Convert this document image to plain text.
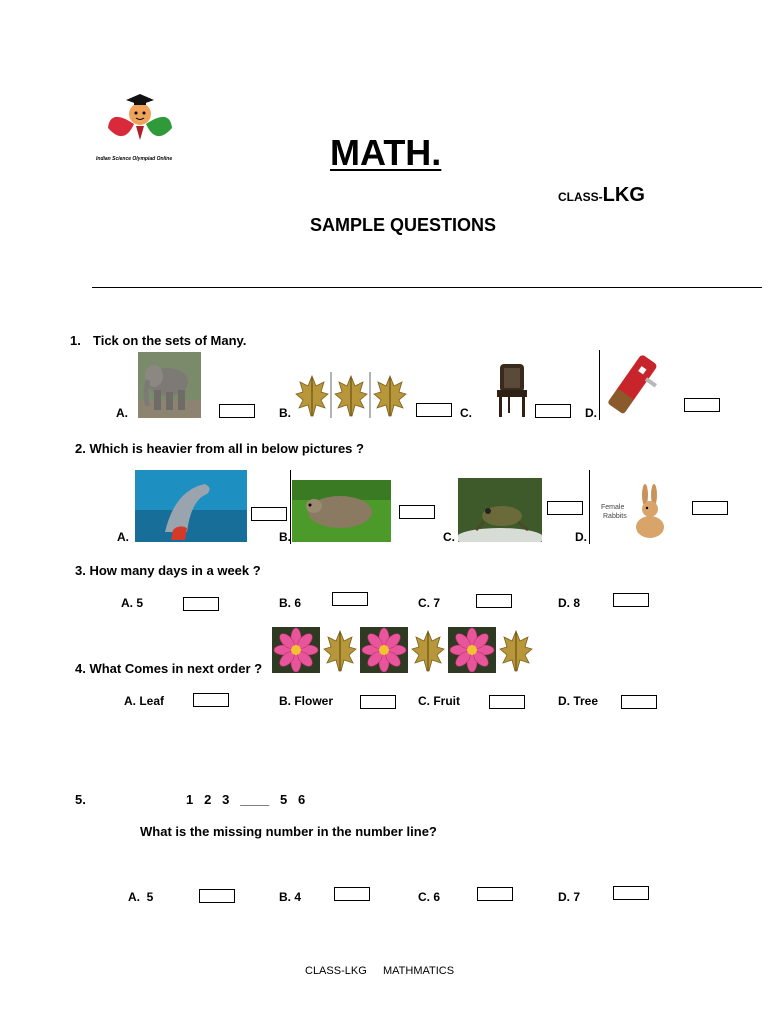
Indian Science Olympiad Online	MATH.
CLASS-LKG
SAMPLE QUESTIONS
1. Tick on the sets of Many.
A.	B.	C.	D.
2. Which is heavier from all in below pictures ?
A.	B.	C.	D.
Female
Rabbits
3. How many days in a week ?
A. 5	B. 6	C. 7	D. 8
4. What Comes in next order ?
A. Leaf	B. Flower	C. Fruit	D. Tree
5.	1   2   3   ____   5   6
What is the missing number in the number line?
A.  5	B. 4	C. 6	D. 7
CLASS-LKG MATHMATICS
